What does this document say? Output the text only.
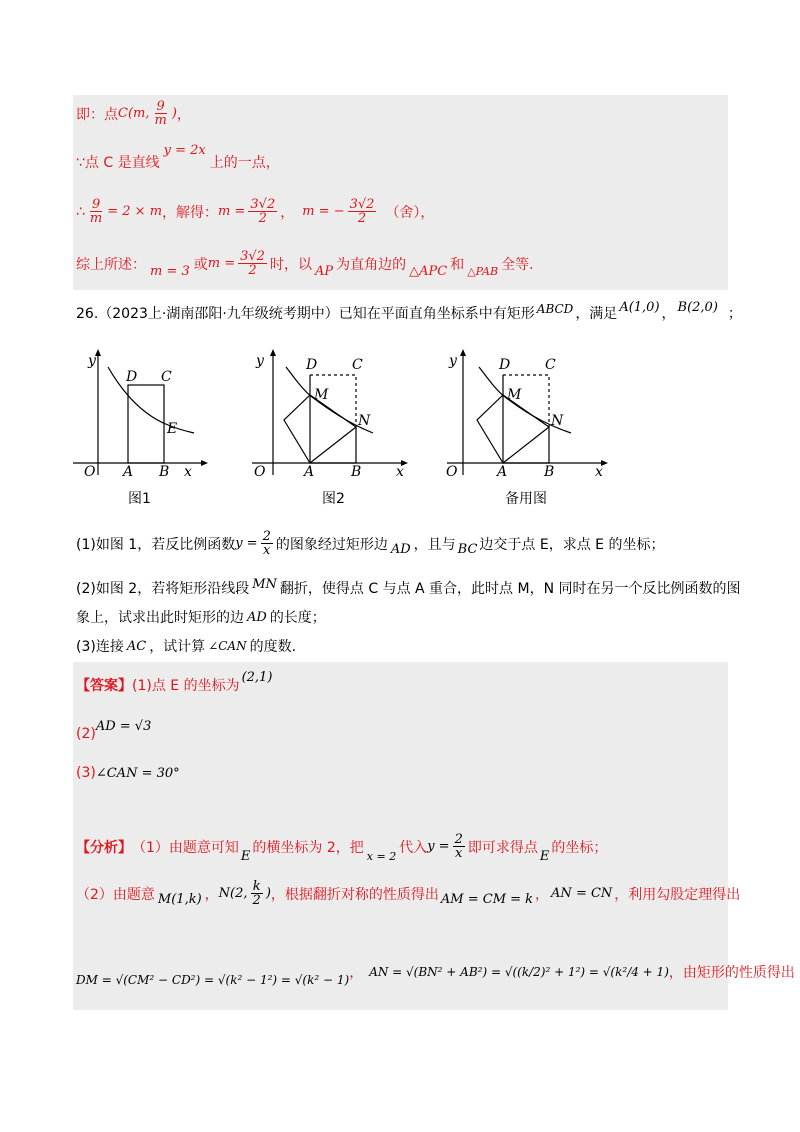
即：点 C(m, $\frac{9}{m}$ ) ，
∵点 C 是直线
y = 2x
上的一点，
∴ $\frac{9}{m} = 2 \times m$ ，解得： $m = \frac{3√2}{2}$ ， m = − $\frac{3√2}{2}$ （舍），
综上所述： m = 3 或 $m = \frac{3√2}{2}$ 时，以 AP 为直角边的 △APC 和 △PAB 全等.
26.（2023上·湖南邵阳·九年级统考期中）已知在平面直角坐标系中有矩形 ABCD ，满足 A(1,0) ， B(2,0) ；
y
x
O A B
D C
E
图1
y
x
O	A	B
D C
M
N
图2
y
x
O	A	B
D C
M
N
备用图
(1)如图 1，若反比例函数 $y = \frac{2}{x}$ 的图象经过矩形边 AD ，且与 BC 边交于点 E，求点 E 的坐标；
(2)如图 2，若将矩形沿线段 MN 翻折，使得点 C 与点 A 重合，此时点 M，N 同时在另一个反比例函数的图
象上，试求出此时矩形的边 AD 的长度；
(3)连接 AC ，试计算 ∠CAN 的度数.
【答案】 (1)点 E 的坐标为
(2,1)
(2) AD = √3
(3) ∠CAN = 30°
【分析】 （1）由题意可知
E
的横坐标为 2，把
x = 2
代入 $y = \frac{2}{x}$ 即可求得点
E
的坐标；
（2）由题意 M(1,k) ， N(2, $\frac{k}{2}$ ) ，根据翻折对称的性质得出 AM = CM = k ， AN = CN ，利用勾股定理得出
DM = √(CM² − CD²) = √(k² − 1²) = √(k² − 1) ， AN = √(BN² + AB²) = √((k/2)² + 1²) = √(k²/4 + 1) ，由矩形的性质得出
